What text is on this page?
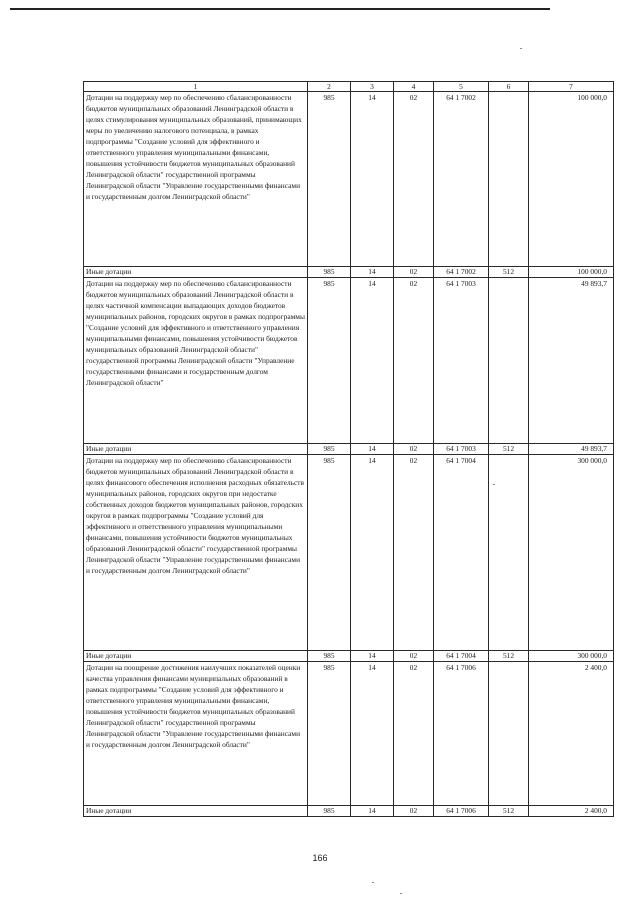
1	2	3	4	5	6	7
Дотации на поддержку мер по обеспечению сбалансированности бюджетов муниципальных образований Ленинградской области в целях стимулирования муниципальных образований, принимающих меры по увеличению налогового потенциала, в рамках подпрограммы "Создание условий для эффективного и ответственного управления муниципальными финансами, повышения устойчивости бюджетов муниципальных образований Ленинградской области" государственной программы Ленинградской области "Управление государственными финансами и государственным долгом Ленинградской области"	985	14	02	64 1 7002		100 000,0
Иные дотации	985	14	02	64 1 7002	512	100 000,0
Дотации на поддержку мер по обеспечению сбалансированности бюджетов муниципальных образований Ленинградской области в целях частичной компенсации выпадающих доходов бюджетов муниципальных районов, городских округов в рамках подпрограммы "Создание условий для эффективного и ответственного управления муниципальными финансами, повышения устойчивости бюджетов муниципальных образований Ленинградской области" государственной программы Ленинградской области "Управление государственными финансами и государственным долгом Ленинградской области"	985	14	02	64 1 7003		49 893,7
Иные дотации	985	14	02	64 1 7003	512	49 893,7
Дотации на поддержку мер по обеспечению сбалансированности бюджетов муниципальных образований Ленинградской области в целях финансового обеспечения исполнения расходных обязательств муниципальных районов, городских округов при недостатке собственных доходов бюджетов муниципальных районов, городских округов в рамках подпрограммы "Создание условий для эффективного и ответственного управления муниципальными финансами, повышения устойчивости бюджетов муниципальных образований Ленинградской области" государственной программы Ленинградской области "Управление государственными финансами и государственным долгом Ленинградской области"	985	14	02	64 1 7004		300 000,0
Иные дотации	985	14	02	64 1 7004	512	300 000,0
Дотации на поощрение достижения наилучших показателей оценки качества управления финансами муниципальных образований в рамках подпрограммы "Создание условий для эффективного и ответственного управления муниципальными финансами, повышения устойчивости бюджетов муниципальных образований Ленинградской области" государственной программы Ленинградской области "Управление государственными финансами и государственным долгом Ленинградской области"	985	14	02	64 1 7006		2 400,0
Иные дотации	985	14	02	64 1 7006	512	2 400,0
166
